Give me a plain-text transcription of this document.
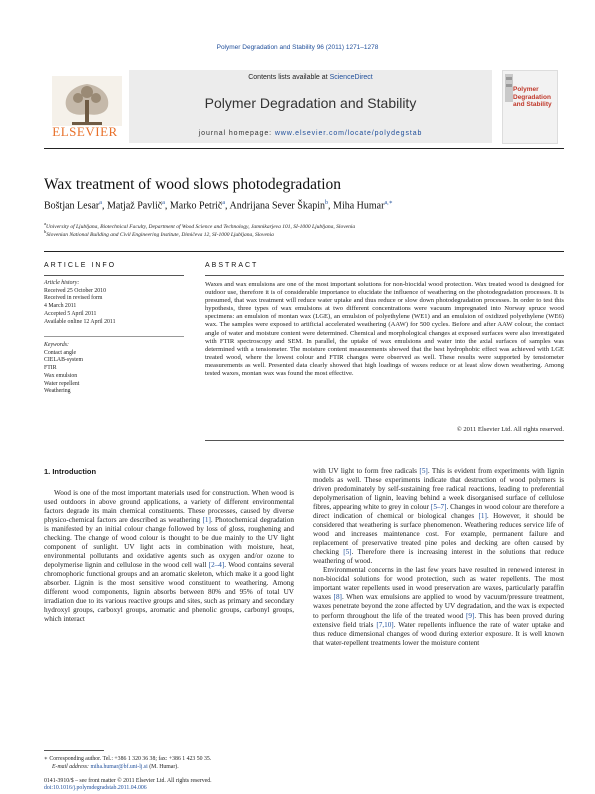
Polymer Degradation and Stability 96 (2011) 1271–1278
Contents lists available at ScienceDirect
Polymer Degradation and Stability
journal homepage: www.elsevier.com/locate/polydegstab
ELSEVIER
Polymer Degradation and Stability
Wax treatment of wood slows photodegradation
Boštjan Lesar$^a$, Matjaž Pavlič$^a$, Marko Petrič$^a$, Andrijana Sever Škapin$^b$, Miha Humar$^{a,∗}$
$^a$University of Ljubljana, Biotechnical Faculty, Department of Wood Science and Technology, Jamnikarjeva 101, SI-1000 Ljubljana, Slovenia
$^b$Slovenian National Building and Civil Engineering Institute, Dimičeva 12, SI-1000 Ljubljana, Slovenia
ARTICLE INFO	ABSTRACT
Article history:
Received 25 October 2010
Received in revised form
4 March 2011
Accepted 5 April 2011
Available online 12 April 2011
Keywords:
Contact angle
CIELAB-system
FTIR
Wax emulsion
Water repellent
Weathering
Waxes and wax emulsions are one of the most important solutions for non-biocidal wood protection. Wax treated wood is designed for outdoor use, therefore it is of considerable importance to elucidate the influence of weathering on the photodegradation processes. It is presumed, that wax treatment will reduce water uptake and thus reduce or slow down photodegradation processes. In order to test this hypothesis, three types of wax emulsions at two different concentrations were vacuum impregnated into Norway spruce wood specimens: an emulsion of montan wax (LGE), an emulsion of polyethylene (WE1) and an emulsion of oxidized polyethylene (WE6) wax. The samples were exposed to artificial accelerated weathering (AAW) for 500 cycles. Before and after AAW colour, the contact angle of water and moisture content were determined. Chemical and morphological changes at exposed surfaces were also investigated with FTIR spectroscopy and SEM. In parallel, the uptake of wax emulsions and water into the axial surfaces of samples was determined with a tensiometer. The moisture content measurements showed that the best hydrophobic effect was achieved with LGE treated wood, where the lowest colour and FTIR changes were observed as well. These results were supported by tensiometer measurements as well. Presented data clearly showed that high loadings of waxes reduce or at least slow down weathering. Among tested waxes, montan wax was found the most effective.
© 2011 Elsevier Ltd. All rights reserved.
1. Introduction

Wood is one of the most important materials used for construction. When wood is used outdoors in above ground applications, a variety of different environmental factors degrade its main chemical constituents. These processes, caused by diverse physico-chemical factors are described as weathering [1]. Photochemical degradation is manifested by an initial colour change followed by loss of gloss, roughening and checking. The change of wood colour is thought to be due mainly to the UV light component of sunlight. UV light acts in combination with moisture, heat, environmental pollutants and oxidative agents such as oxygen and/or ozone to depolymerise lignin and cellulose in the wood cell wall [2–4]. Wood contains several chromophoric functional groups and an aromatic skeleton, which make it a good light absorber. Lignin is the most sensitive wood constituent to weathering. Among different wood components, lignin absorbs between 80% and 95% of total UV irradiation due to its various reactive groups and sites, such as primary and secondary hydroxyl groups, carboxyl groups, aromatic and phenolic groups, carbonyl groups, which interact

with UV light to form free radicals [5]. This is evident from experiments with lignin models as well. These experiments indicate that destruction of wood polymers is driven predominately by self-sustaining free radical reactions, leading to preferential depolymerisation of lignin, leaving behind a week disorganised surface of cellulose fibres, appearing white to grey in colour [5–7]. Changes in wood colour are therefore a direct indication of chemical or biological changes [1]. However, it should be considered that weathering is surface phenomenon. Weathering reduces service life of wood and increases maintenance cost. For example, permanent failure and replacement of preservative treated pine poles and decking are often caused by checking [5]. Therefore there is increasing interest in the solutions that reduce weathering of wood.

Environmental concerns in the last few years have resulted in renewed interest in non-biocidal solutions for wood protection, such as water repellents. The most important water repellents used in wood preservation are waxes, particularly paraffin waxes [8]. When wax emulsions are applied to wood by vacuum/pressure treatment, waxes penetrate beyond the zone affected by UV degradation, and the wax is expected to perform throughout the life of the treated wood [9]. This has been proved during extensive field trials [7,10]. Water repellents influence the rate of water uptake and thus reduce dimensional changes of wood during exterior exposure. It is well known that water-repellent treatments lower the moisture content

∗ Corresponding author. Tel.: +386 1 320 36 38; fax: +386 1 423 50 35.
E-mail address: miha.humar@bf.uni-lj.si (M. Humar).
0141-3910/$ – see front matter © 2011 Elsevier Ltd. All rights reserved.
doi:10.1016/j.polymdegradstab.2011.04.006
